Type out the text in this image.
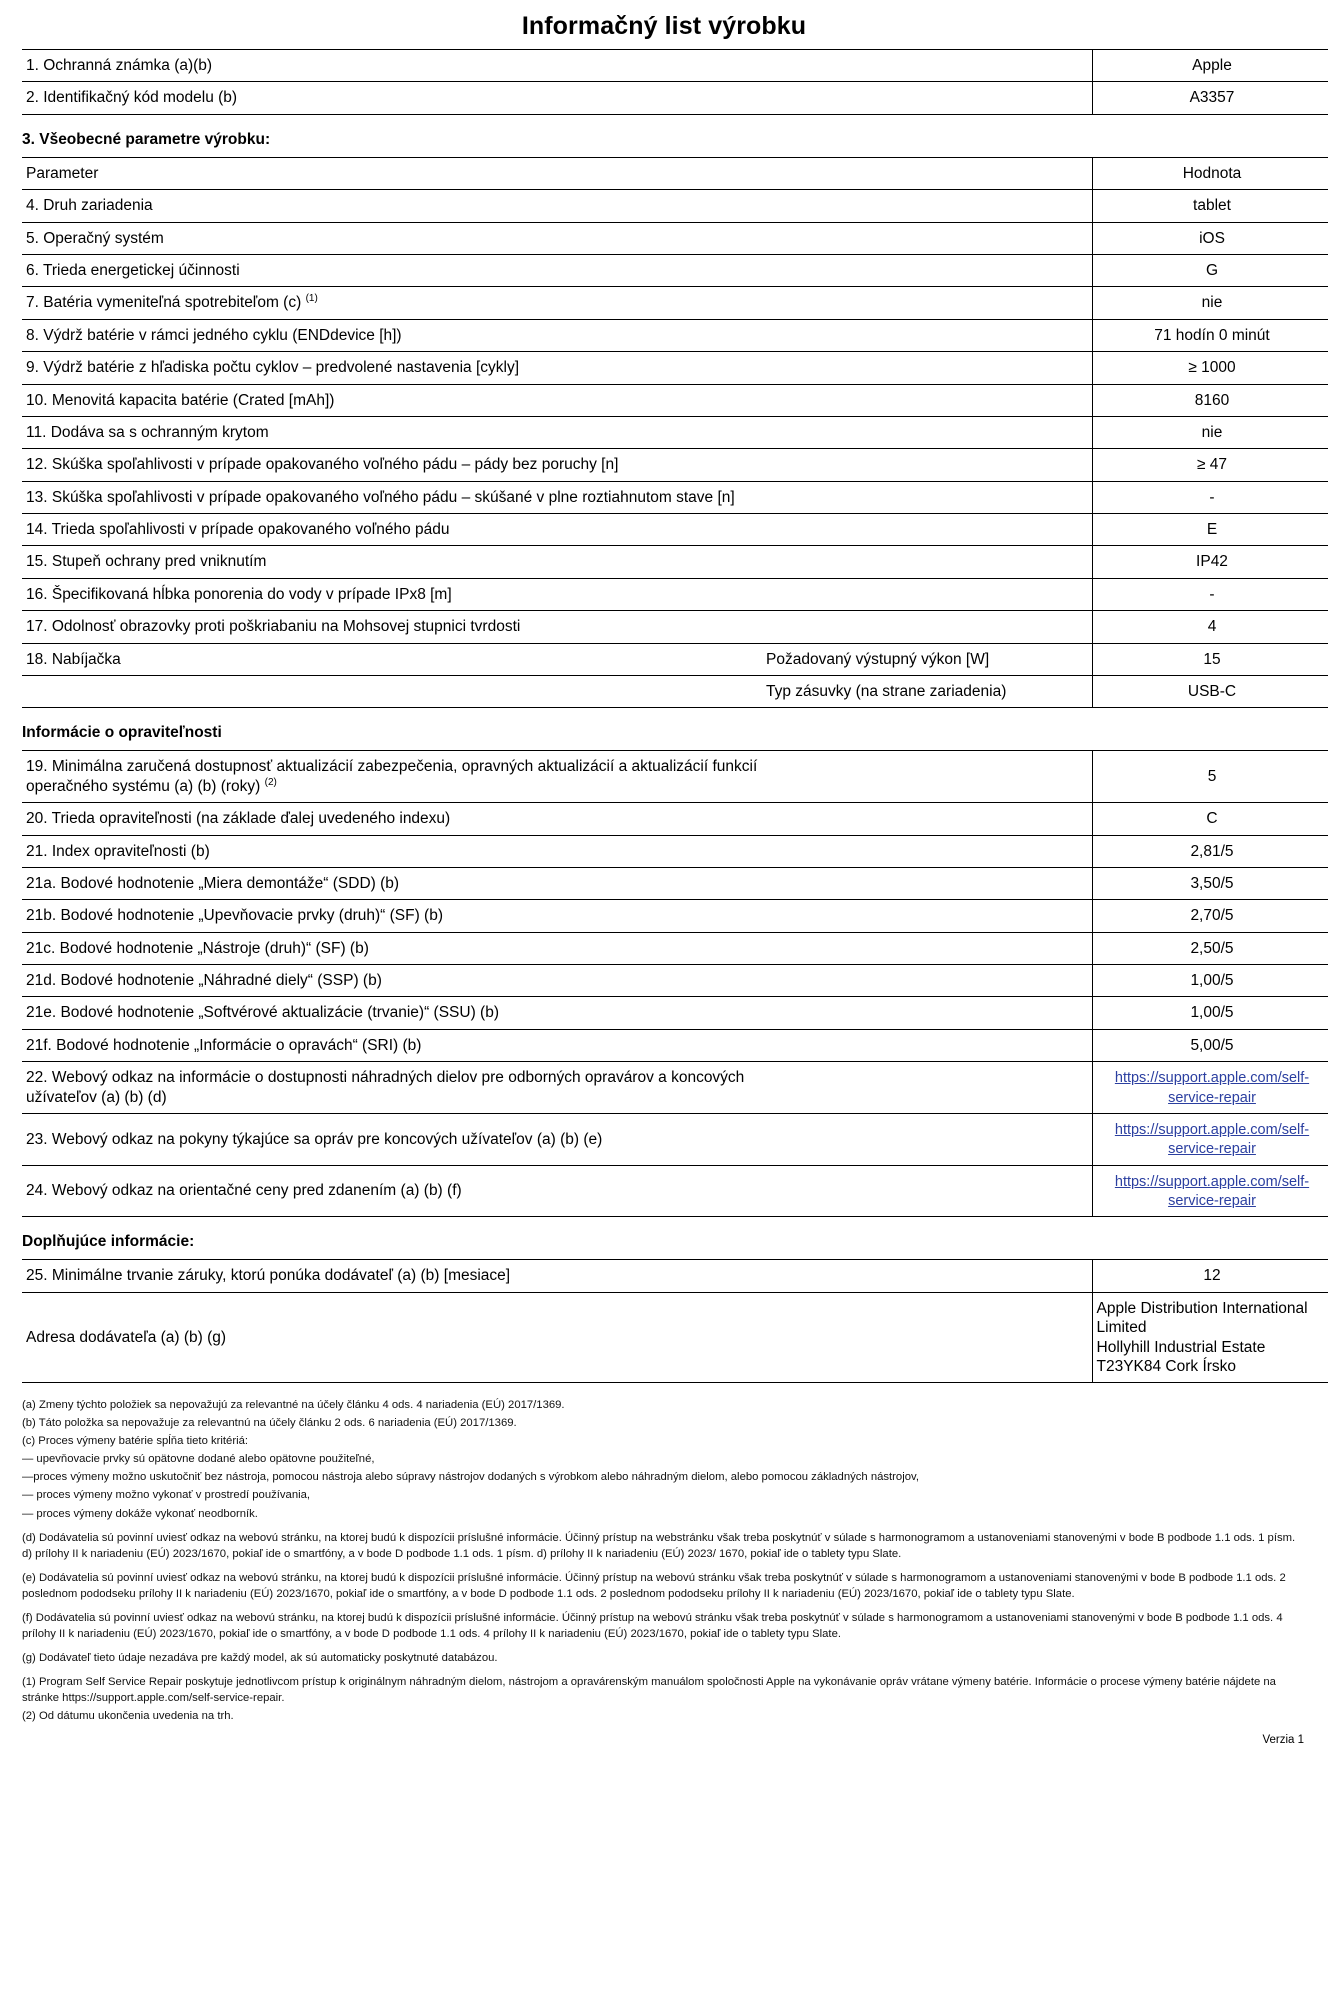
Informačný list výrobku
1. Ochranná známka (a)(b)		Apple
2. Identifikačný kód modelu (b)		A3357
3. Všeobecné parametre výrobku:
Parameter		Hodnota
4. Druh zariadenia		tablet
5. Operačný systém		iOS
6. Trieda energetickej účinnosti		G
7. Batéria vymeniteľná spotrebiteľom (c) $^{(1)}$		nie
8. Výdrž batérie v rámci jedného cyklu (ENDdevice [h])		71 hodín 0 minút
9. Výdrž batérie z hľadiska počtu cyklov – predvolené nastavenia [cykly]		≥ 1000
10. Menovitá kapacita batérie (Crated [mAh])		8160
11. Dodáva sa s ochranným krytom		nie
12. Skúška spoľahlivosti v prípade opakovaného voľného pádu – pády bez poruchy [n]		≥ 47
13. Skúška spoľahlivosti v prípade opakovaného voľného pádu – skúšané v plne roztiahnutom stave [n]		-
14. Trieda spoľahlivosti v prípade opakovaného voľného pádu		E
15. Stupeň ochrany pred vniknutím		IP42
16. Špecifikovaná hĺbka ponorenia do vody v prípade IPx8 [m]		-
17. Odolnosť obrazovky proti poškriabaniu na Mohsovej stupnici tvrdosti		4
18. Nabíjačka	Požadovaný výstupný výkon [W]	15
	Typ zásuvky (na strane zariadenia)	USB-C
Informácie o opraviteľnosti
19. Minimálna zaručená dostupnosť aktualizácií zabezpečenia, opravných aktualizácií a aktualizácií funkcií operačného systému (a) (b) (roky) $^{(2)}$		5
20. Trieda opraviteľnosti (na základe ďalej uvedeného indexu)		C
21. Index opraviteľnosti (b)		2,81/5
21a. Bodové hodnotenie „Miera demontáže“ (SDD) (b)		3,50/5
21b. Bodové hodnotenie „Upevňovacie prvky (druh)“ (SF) (b)		2,70/5
21c. Bodové hodnotenie „Nástroje (druh)“ (SF) (b)		2,50/5
21d. Bodové hodnotenie „Náhradné diely“ (SSP) (b)		1,00/5
21e. Bodové hodnotenie „Softvérové aktualizácie (trvanie)“ (SSU) (b)		1,00/5
21f. Bodové hodnotenie „Informácie o opravách“ (SRI) (b)		5,00/5
22. Webový odkaz na informácie o dostupnosti náhradných dielov pre odborných opravárov a koncových užívateľov (a) (b) (d)		https://support.apple.com/self-service-repair
23. Webový odkaz na pokyny týkajúce sa opráv pre koncových užívateľov (a) (b) (e)		https://support.apple.com/self-service-repair
24. Webový odkaz na orientačné ceny pred zdanením (a) (b) (f)		https://support.apple.com/self-service-repair
Doplňujúce informácie:
25. Minimálne trvanie záruky, ktorú ponúka dodávateľ (a) (b) [mesiace]		12
Adresa dodávateľa (a) (b) (g)		Apple Distribution International Limited
Hollyhill Industrial Estate
T23YK84 Cork Írsko

(a) Zmeny týchto položiek sa nepovažujú za relevantné na účely článku 4 ods. 4 nariadenia (EÚ) 2017/1369.

(b) Táto položka sa nepovažuje za relevantnú na účely článku 2 ods. 6 nariadenia (EÚ) 2017/1369.

(c) Proces výmeny batérie spĺňa tieto kritériá:

— upevňovacie prvky sú opätovne dodané alebo opätovne použiteľné,

—proces výmeny možno uskutočniť bez nástroja, pomocou nástroja alebo súpravy nástrojov dodaných s výrobkom alebo náhradným dielom, alebo pomocou základných nástrojov,

— proces výmeny možno vykonať v prostredí používania,

— proces výmeny dokáže vykonať neodborník.

(d) Dodávatelia sú povinní uviesť odkaz na webovú stránku, na ktorej budú k dispozícii príslušné informácie. Účinný prístup na webstránku však treba poskytnúť v súlade s harmonogramom a ustanoveniami stanovenými v bode B podbode 1.1 ods. 1 písm. d) prílohy II k nariadeniu (EÚ) 2023/1670, pokiaľ ide o smartfóny, a v bode D podbode 1.1 ods. 1 písm. d) prílohy II k nariadeniu (EÚ) 2023/ 1670, pokiaľ ide o tablety typu Slate.

(e) Dodávatelia sú povinní uviesť odkaz na webovú stránku, na ktorej budú k dispozícii príslušné informácie. Účinný prístup na webovú stránku však treba poskytnúť v súlade s harmonogramom a ustanoveniami stanovenými v bode B podbode 1.1 ods. 2 poslednom pododseku prílohy II k nariadeniu (EÚ) 2023/1670, pokiaľ ide o smartfóny, a v bode D podbode 1.1 ods. 2 poslednom pododseku prílohy II k nariadeniu (EÚ) 2023/1670, pokiaľ ide o tablety typu Slate.

(f) Dodávatelia sú povinní uviesť odkaz na webovú stránku, na ktorej budú k dispozícii príslušné informácie. Účinný prístup na webovú stránku však treba poskytnúť v súlade s harmonogramom a ustanoveniami stanovenými v bode B podbode 1.1 ods. 4 prílohy II k nariadeniu (EÚ) 2023/1670, pokiaľ ide o smartfóny, a v bode D podbode 1.1 ods. 4 prílohy II k nariadeniu (EÚ) 2023/1670, pokiaľ ide o tablety typu Slate.

(g) Dodávateľ tieto údaje nezadáva pre každý model, ak sú automaticky poskytnuté databázou.

(1) Program Self Service Repair poskytuje jednotlivcom prístup k originálnym náhradným dielom, nástrojom a opravárenským manuálom spoločnosti Apple na vykonávanie opráv vrátane výmeny batérie. Informácie o procese výmeny batérie nájdete na stránke https://support.apple.com/self-service-repair.

(2) Od dátumu ukončenia uvedenia na trh.

Verzia 1
